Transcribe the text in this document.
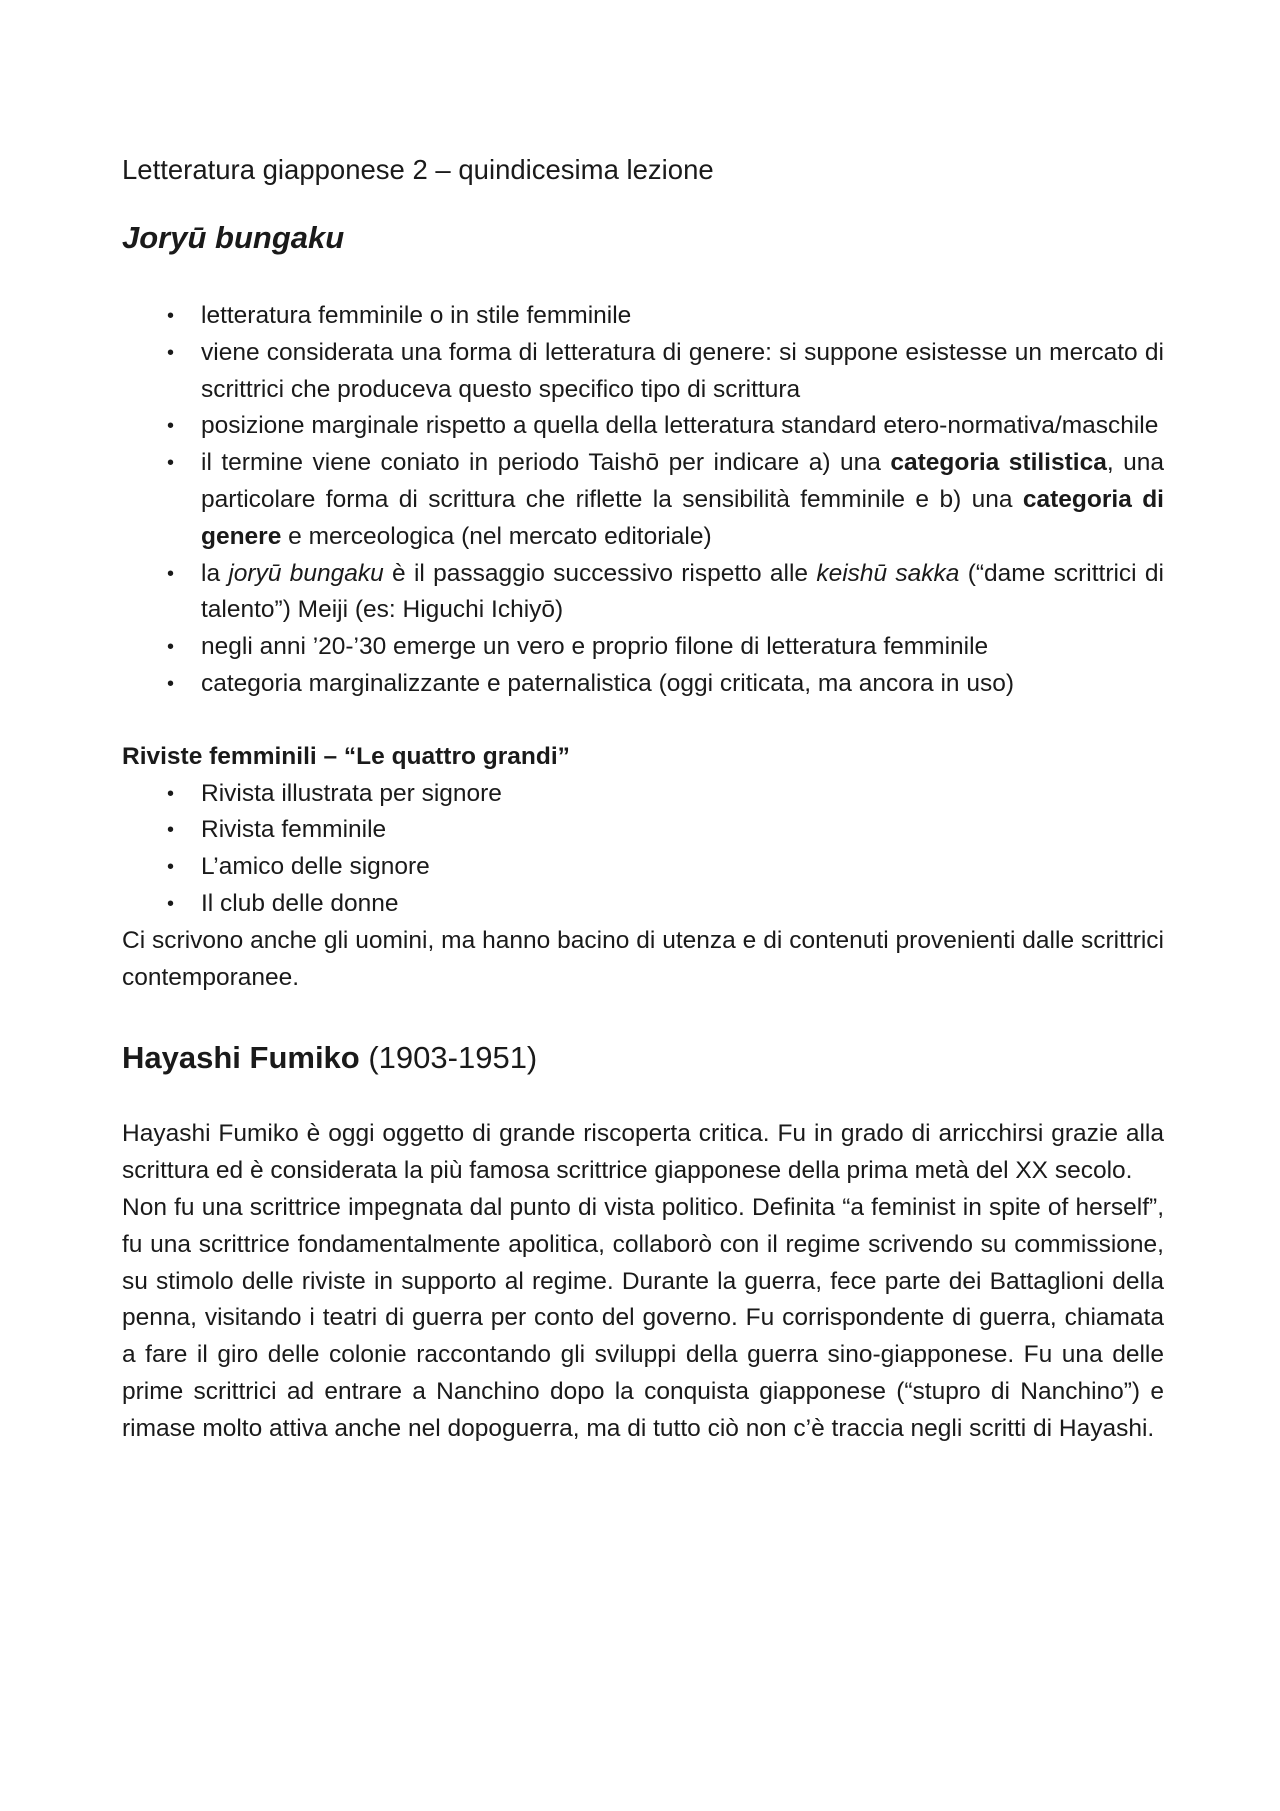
Letteratura giapponese 2 – quindicesima lezione
Joryū bungaku
• letteratura femminile o in stile femminile
• viene considerata una forma di letteratura di genere: si suppone esistesse un mercato di scrittrici che produceva questo specifico tipo di scrittura
• posizione marginale rispetto a quella della letteratura standard etero-normativa/maschile
• il termine viene coniato in periodo Taishō per indicare a) una categoria stilistica, una particolare forma di scrittura che riflette la sensibilità femminile e b) una categoria di genere e merceologica (nel mercato editoriale)
• la joryū bungaku è il passaggio successivo rispetto alle keishū sakka (“dame scrittrici di talento”) Meiji (es: Higuchi Ichiyō)
• negli anni ’20-’30 emerge un vero e proprio filone di letteratura femminile
• categoria marginalizzante e paternalistica (oggi criticata, ma ancora in uso)
Riviste femminili – “Le quattro grandi”
• Rivista illustrata per signore
• Rivista femminile
• L’amico delle signore
• Il club delle donne

Ci scrivono anche gli uomini, ma hanno bacino di utenza e di contenuti provenienti dalle scrittrici contemporanee.

Hayashi Fumiko (1903-1951)

Hayashi Fumiko è oggi oggetto di grande riscoperta critica. Fu in grado di arricchirsi grazie alla scrittura ed è considerata la più famosa scrittrice giapponese della prima metà del XX secolo.

Non fu una scrittrice impegnata dal punto di vista politico. Definita “a feminist in spite of herself”, fu una scrittrice fondamentalmente apolitica, collaborò con il regime scrivendo su commissione, su stimolo delle riviste in supporto al regime. Durante la guerra, fece parte dei Battaglioni della penna, visitando i teatri di guerra per conto del governo. Fu corrispondente di guerra, chiamata a fare il giro delle colonie raccontando gli sviluppi della guerra sino-giapponese. Fu una delle prime scrittrici ad entrare a Nanchino dopo la conquista giapponese (“stupro di Nanchino”) e rimase molto attiva anche nel dopoguerra, ma di tutto ciò non c’è traccia negli scritti di Hayashi.
